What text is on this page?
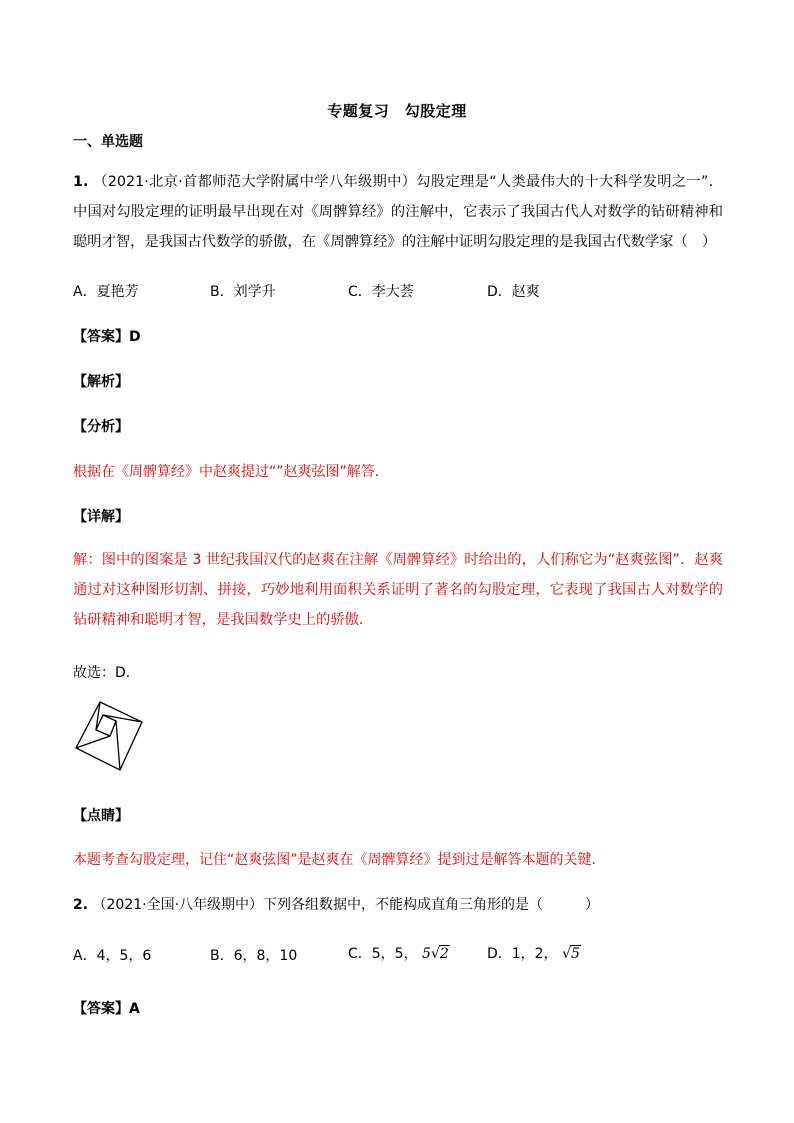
专题复习　勾股定理
一、单选题
1. （2021·北京·首都师范大学附属中学八年级期中）勾股定理是“人类最伟大的十大科学发明之一”．中国对勾股定理的证明最早出现在对《周髀算经》的注解中，它表示了我国古代人对数学的钻研精神和聪明才智，是我国古代数学的骄傲，在《周髀算经》的注解中证明勾股定理的是我国古代数学家（　）
A．夏艳芳	B．刘学升	C．李大荟	D．赵爽
【答案】D
【解析】
【分析】
根据在《周髀算经》中赵爽提过“”赵爽弦图”解答．
【详解】
解：图中的图案是 3 世纪我国汉代的赵爽在注解《周髀算经》时给出的，人们称它为“赵爽弦图”．赵爽通过对这种图形切割、拼接，巧妙地利用面积关系证明了著名的勾股定理，它表现了我国古人对数学的钻研精神和聪明才智，是我国数学史上的骄傲．
故选：D．
【点睛】
本题考查勾股定理，记住“赵爽弦图”是赵爽在《周髀算经》提到过是解答本题的关键．
2. （2021·全国·八年级期中）下列各组数据中，不能构成直角三角形的是（　　　）
A．4，5，6	B．6，8，10	C．5，5， 5√2	D．1，2， √5
【答案】A
